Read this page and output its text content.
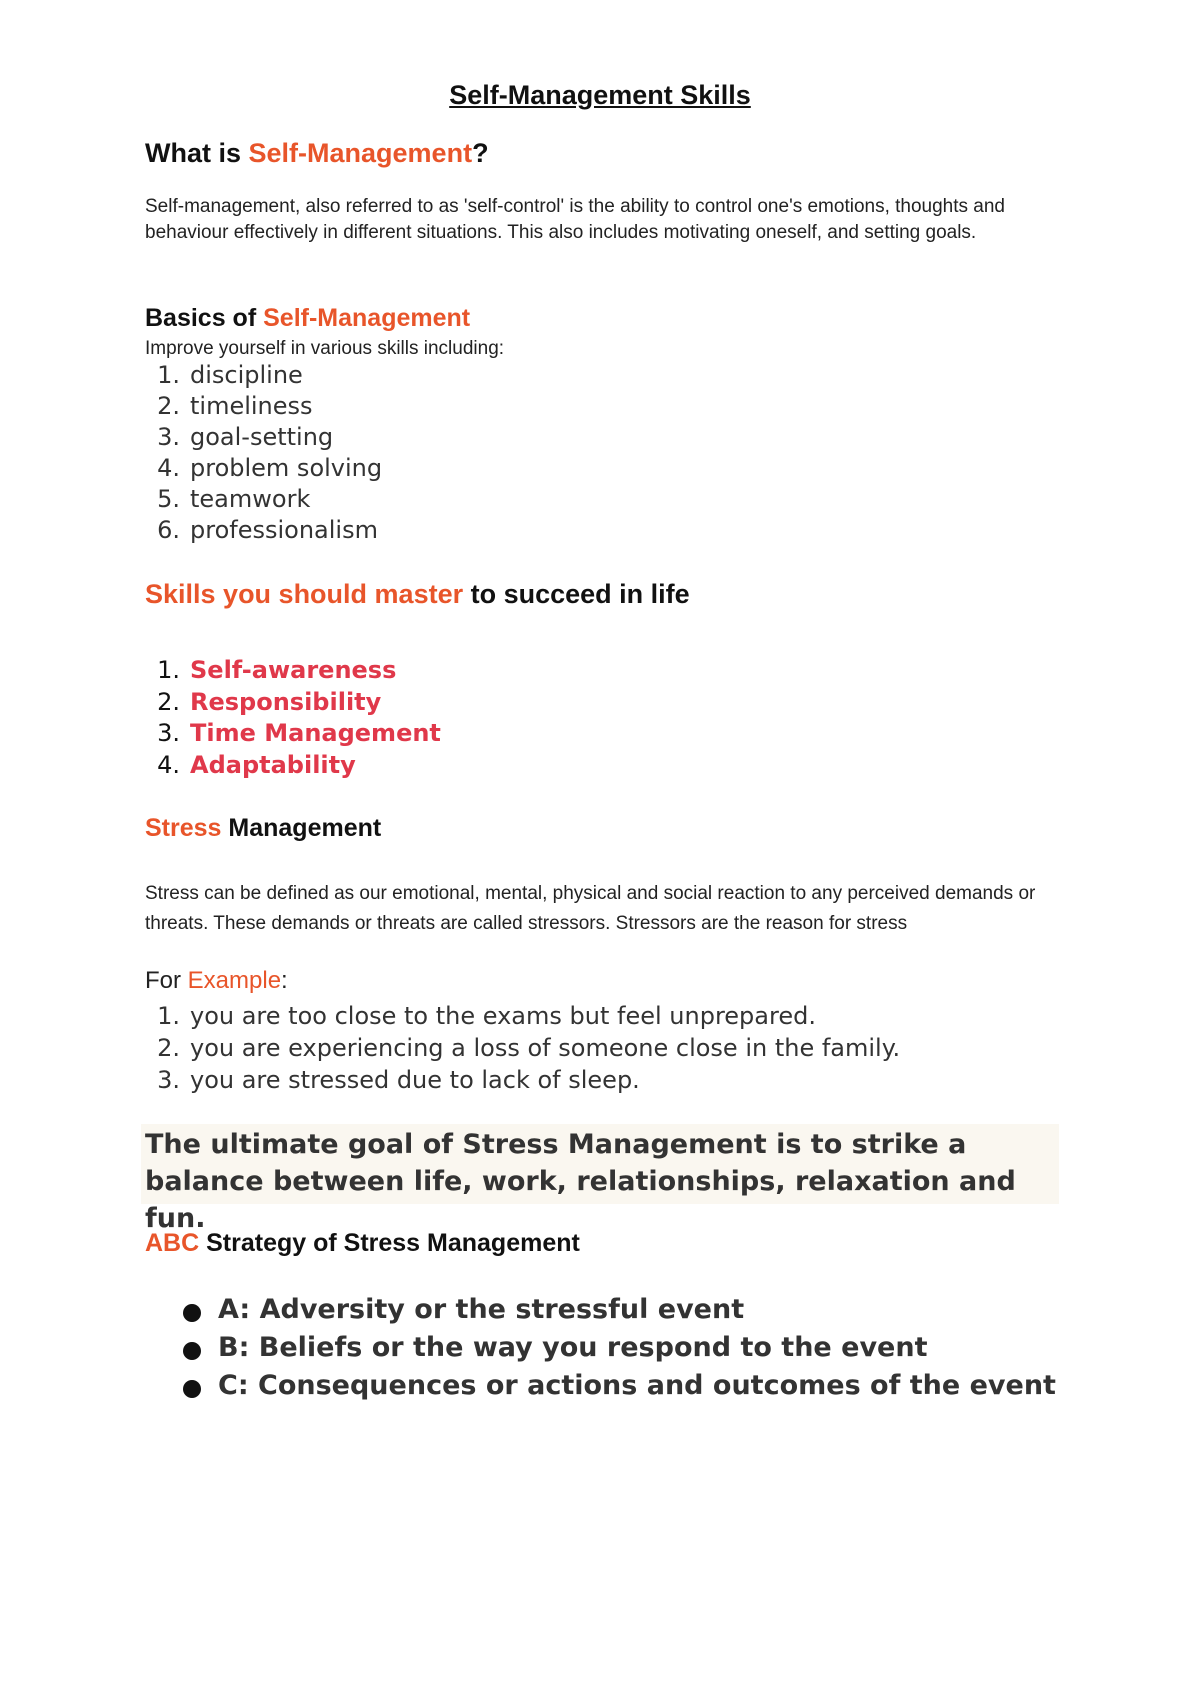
Self-Management Skills
What is Self-Management?

Self-management, also referred to as 'self-control' is the ability to control one's emotions, thoughts and behaviour effectively in different situations. This also includes motivating oneself, and setting goals.

Basics of Self-Management

Improve yourself in various skills including:

1. discipline
2. timeliness
3. goal-setting
4. problem solving
5. teamwork
6. professionalism
Skills you should master to succeed in life
1. Self-awareness
2. Responsibility
3. Time Management
4. Adaptability
Stress Management

Stress can be defined as our emotional, mental, physical and social reaction to any perceived demands or threats. These demands or threats are called stressors. Stressors are the reason for stress

For Example:

1. you are too close to the exams but feel unprepared.
2. you are experiencing a loss of someone close in the family.
3. you are stressed due to lack of sleep.
The ultimate goal of Stress Management is to strike a balance between life, work, relationships, relaxation and fun.
ABC Strategy of Stress Management
A: Adversity or the stressful event
B: Beliefs or the way you respond to the event
C: Consequences or actions and outcomes of the event
